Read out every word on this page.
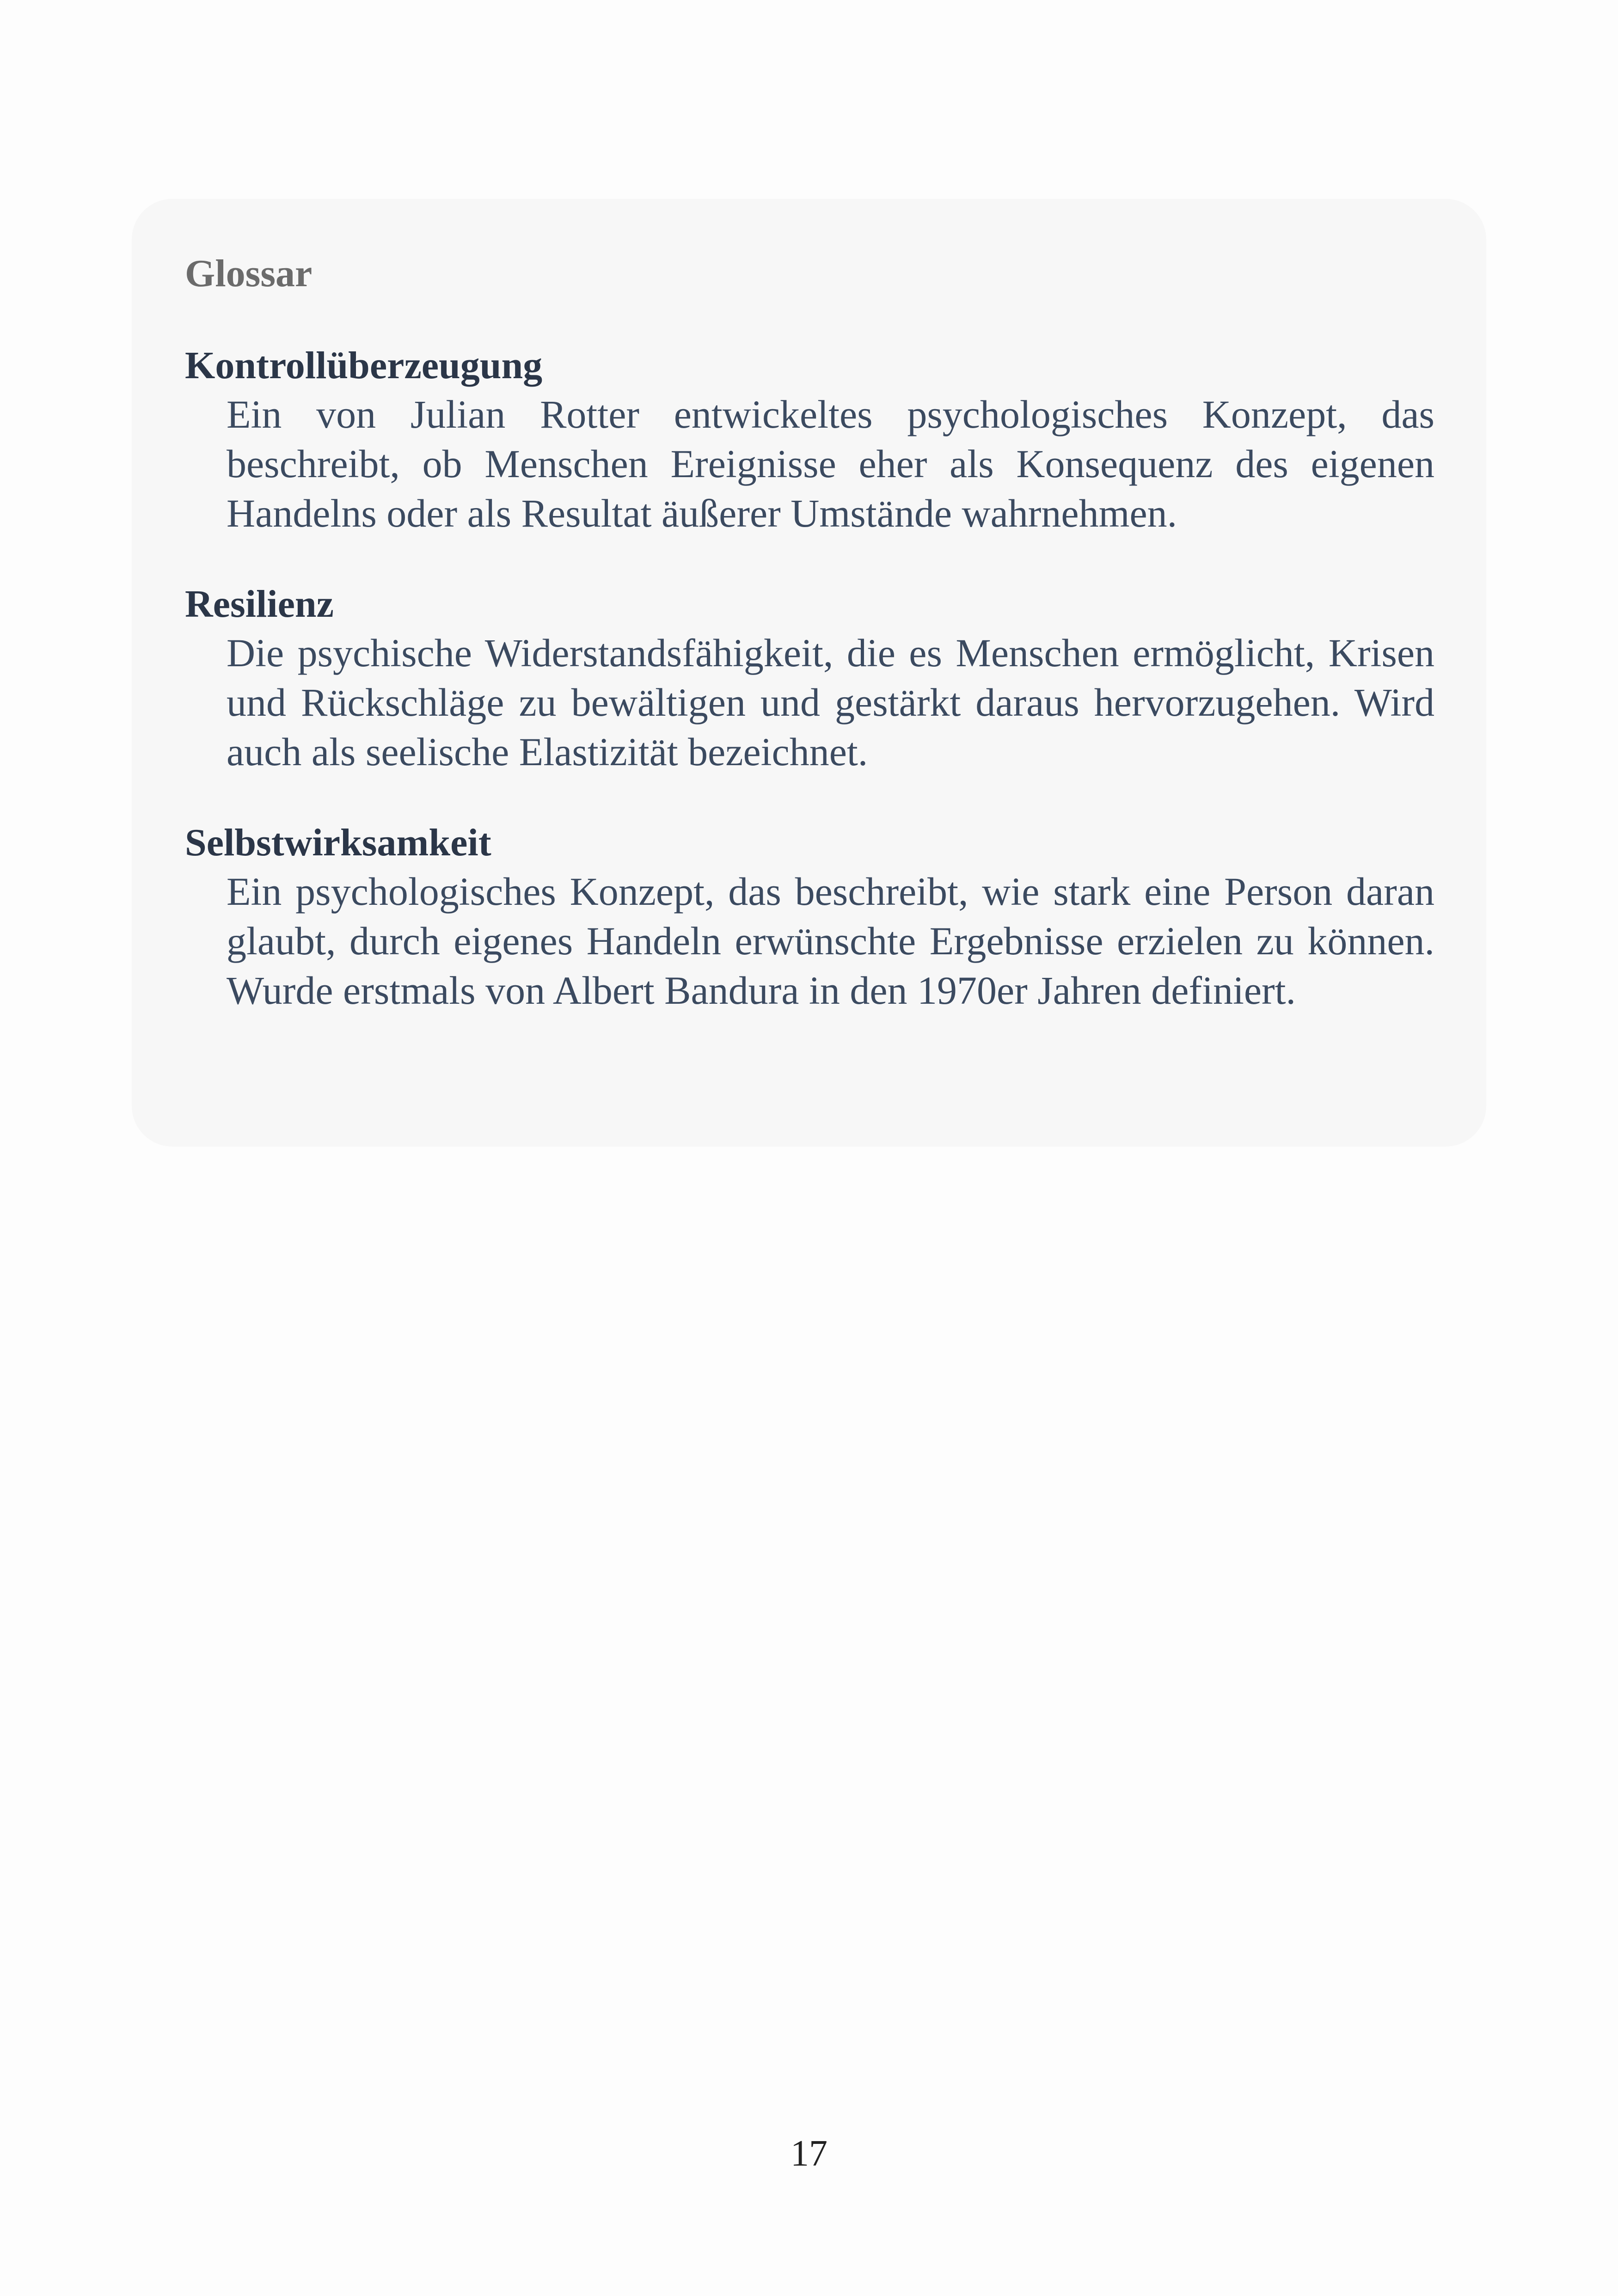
Glossar
Kontrollüberzeugung

Ein von Julian Rotter entwickeltes psychologisches Konzept, das beschreibt, ob Menschen Ereignisse eher als Konsequenz des eigenen Handelns oder als Resultat äußerer Umstände wahrnehmen.

Resilienz

Die psychische Widerstandsfähigkeit, die es Menschen ermöglicht, Krisen und Rückschläge zu bewältigen und gestärkt daraus hervorzugehen. Wird auch als seelische Elastizität bezeichnet.

Selbstwirksamkeit

Ein psychologisches Konzept, das beschreibt, wie stark eine Person daran glaubt, durch eigenes Handeln erwünschte Ergebnisse erzielen zu können. Wurde erstmals von Albert Bandura in den 1970er Jahren definiert.

17
